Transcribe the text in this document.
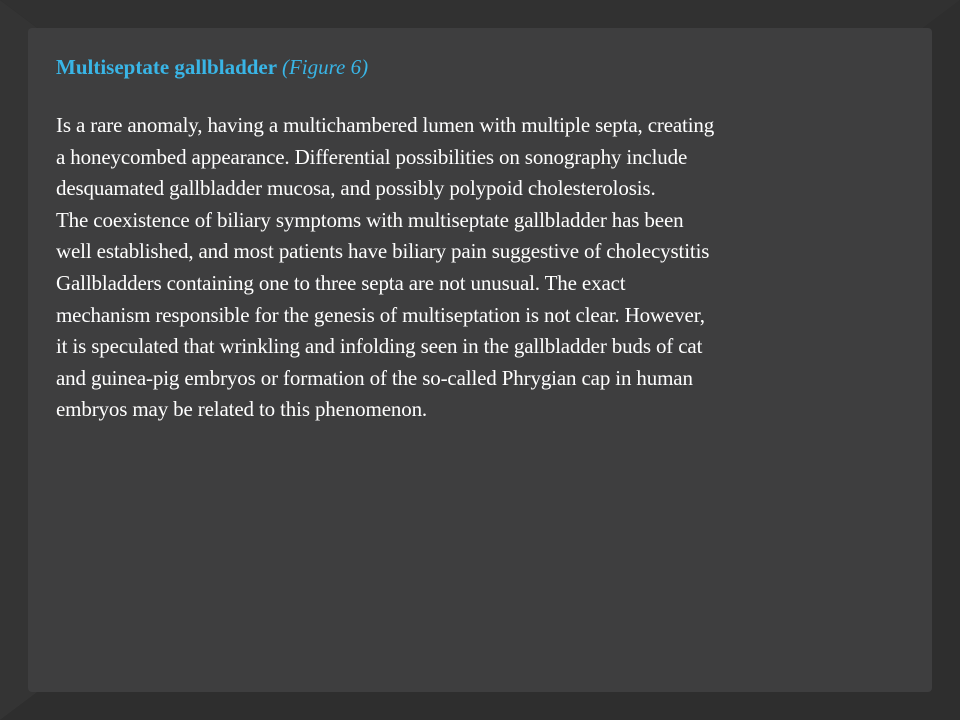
Multiseptate gallbladder (Figure 6)
Is a rare anomaly, having a multichambered lumen with multiple septa, creating
a honeycombed appearance. Differential possibilities on sonography include
desquamated gallbladder mucosa, and possibly polypoid cholesterolosis.
The coexistence of biliary symptoms with multiseptate gallbladder has been
well established, and most patients have biliary pain suggestive of cholecystitis
Gallbladders containing one to three septa are not unusual. The exact
mechanism responsible for the genesis of multiseptation is not clear. However,
it is speculated that wrinkling and infolding seen in the gallbladder buds of cat
and guinea-pig embryos or formation of the so-called Phrygian cap in human
embryos may be related to this phenomenon.
